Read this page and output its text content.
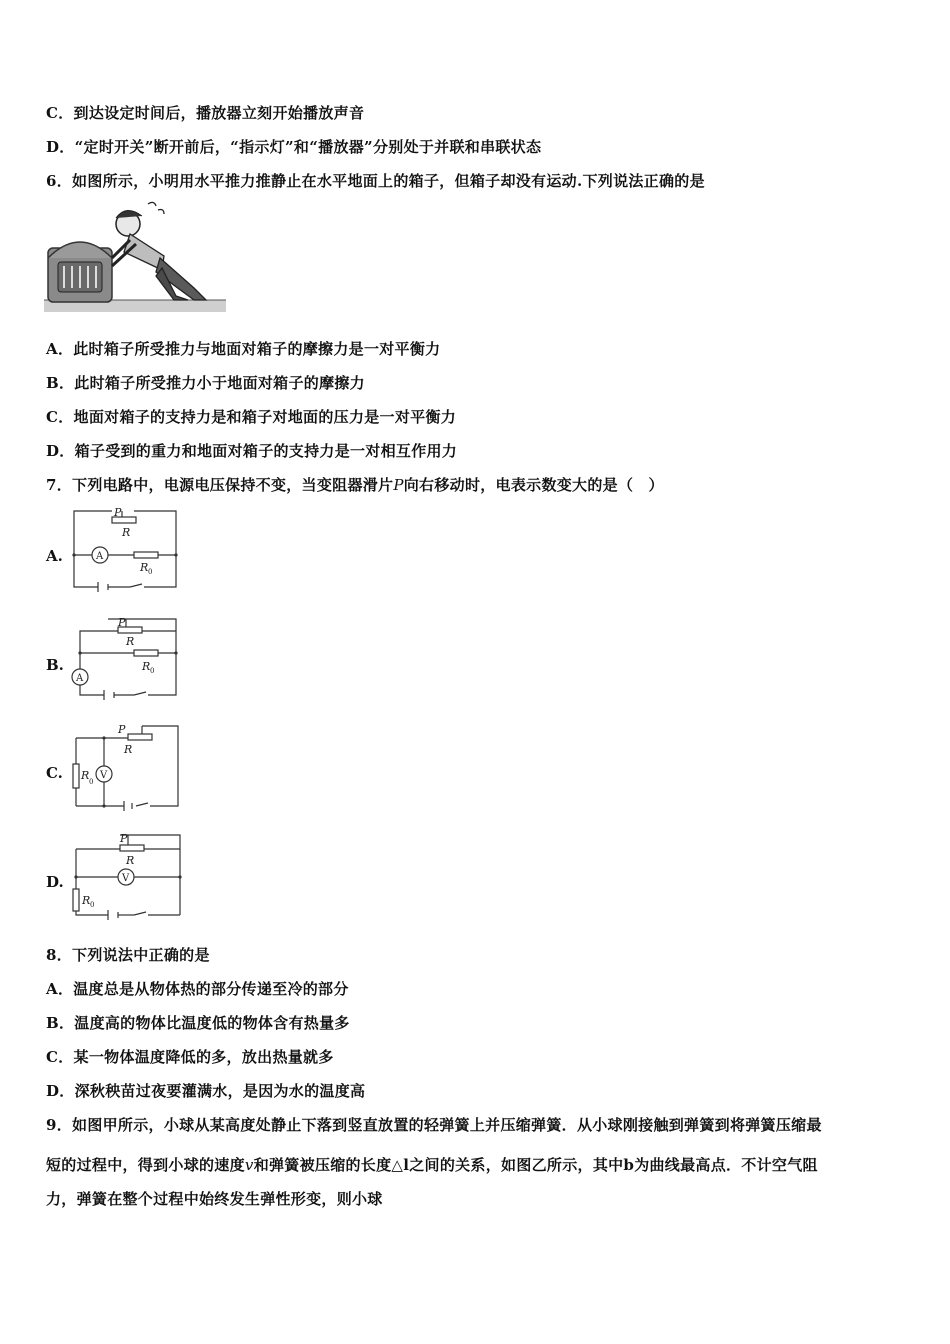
C．到达设定时间后，播放器立刻开始播放声音
D．“定时开关”断开前后，“指示灯”和“播放器”分别处于并联和串联状态
6．如图所示，小明用水平推力推静止在水平地面上的箱子，但箱子却没有运动.下列说法正确的是
A．此时箱子所受推力与地面对箱子的摩擦力是一对平衡力
B．此时箱子所受推力小于地面对箱子的摩擦力
C．地面对箱子的支持力是和箱子对地面的压力是一对平衡力
D．箱子受到的重力和地面对箱子的支持力是一对相互作用力
7．下列电路中，电源电压保持不变，当变阻器滑片P向右移动时，电表示数变大的是（　）
A.
P
R
R 0
A
B.
P
R
R 0
A
C.
P
R
R 0
V
D.
P
R
R 0
V
8．下列说法中正确的是
A．温度总是从物体热的部分传递至冷的部分
B．温度高的物体比温度低的物体含有热量多
C．某一物体温度降低的多，放出热量就多
D．深秋秧苗过夜要灌满水，是因为水的温度高
9．如图甲所示，小球从某高度处静止下落到竖直放置的轻弹簧上并压缩弹簧．从小球刚接触到弹簧到将弹簧压缩最
短的过程中，得到小球的速度v和弹簧被压缩的长度△l之间的关系，如图乙所示，其中b为曲线最高点．不计空气阻
力，弹簧在整个过程中始终发生弹性形变，则小球
